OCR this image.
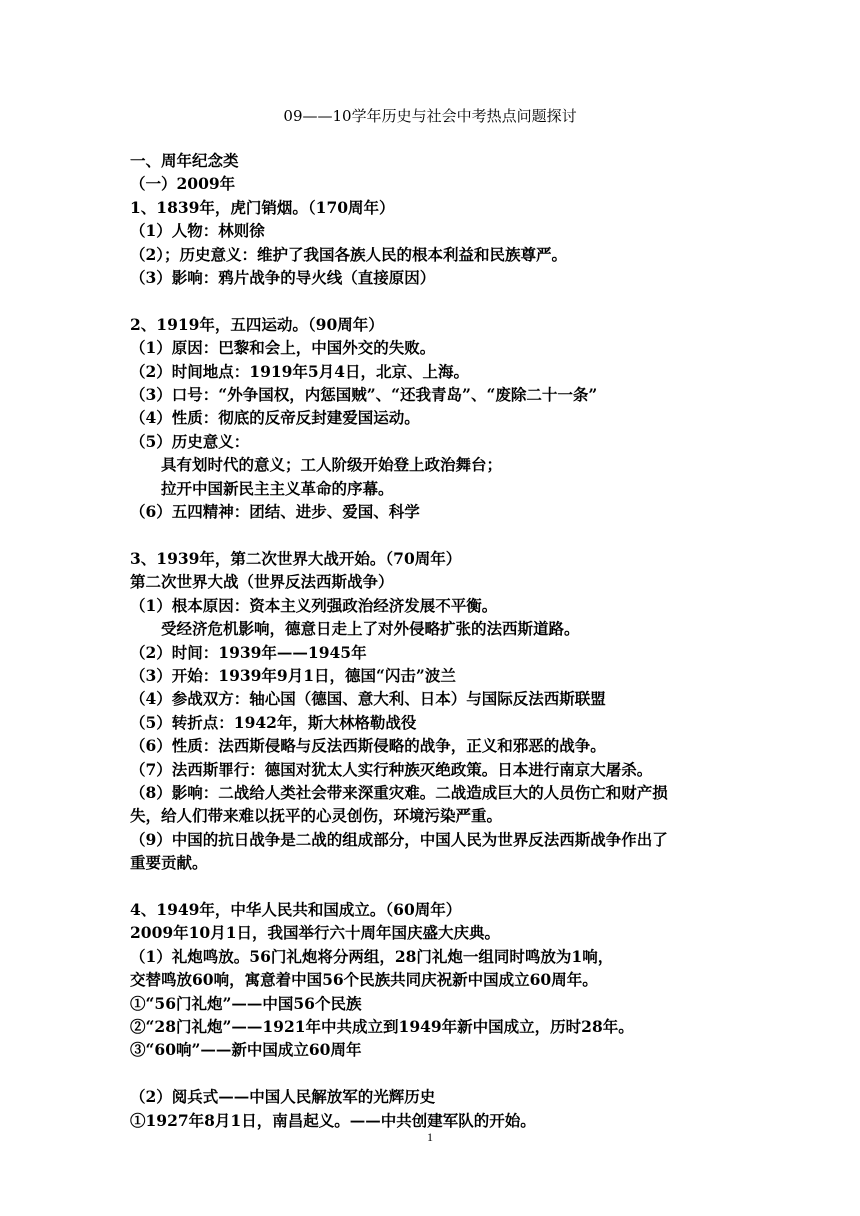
09——10学年历史与社会中考热点问题探讨
一、周年纪念类
（一）2009年
1、1839年，虎门销烟。（170周年）
（1）人物：林则徐
（2）；历史意义：维护了我国各族人民的根本利益和民族尊严。
（3）影响：鸦片战争的导火线（直接原因）
2、1919年，五四运动。（90周年）
（1）原因：巴黎和会上，中国外交的失败。
（2）时间地点：1919年5月4日，北京、上海。
（3）口号：“外争国权，内惩国贼”、“还我青岛”、“废除二十一条”
（4）性质：彻底的反帝反封建爱国运动。
（5）历史意义：
　　具有划时代的意义；工人阶级开始登上政治舞台；
　　拉开中国新民主主义革命的序幕。
（6）五四精神：团结、进步、爱国、科学
3、1939年，第二次世界大战开始。（70周年）
第二次世界大战（世界反法西斯战争）
（1）根本原因：资本主义列强政治经济发展不平衡。
　　受经济危机影响，德意日走上了对外侵略扩张的法西斯道路。
（2）时间：1939年——1945年
（3）开始：1939年9月1日，德国“闪击”波兰
（4）参战双方：轴心国（德国、意大利、日本）与国际反法西斯联盟
（5）转折点：1942年，斯大林格勒战役
（6）性质：法西斯侵略与反法西斯侵略的战争，正义和邪恶的战争。
（7）法西斯罪行：德国对犹太人实行种族灭绝政策。日本进行南京大屠杀。
（8）影响：二战给人类社会带来深重灾难。二战造成巨大的人员伤亡和财产损
失，给人们带来难以抚平的心灵创伤，环境污染严重。
（9）中国的抗日战争是二战的组成部分，中国人民为世界反法西斯战争作出了
重要贡献。
4、1949年，中华人民共和国成立。（60周年）
2009年10月1日，我国举行六十周年国庆盛大庆典。
（1）礼炮鸣放。56门礼炮将分两组，28门礼炮一组同时鸣放为1响，
交替鸣放60响，寓意着中国56个民族共同庆祝新中国成立60周年。
①“56门礼炮”——中国56个民族
②“28门礼炮”——1921年中共成立到1949年新中国成立，历时28年。
③“60响”——新中国成立60周年
（2）阅兵式——中国人民解放军的光辉历史
①1927年8月1日，南昌起义。——中共创建军队的开始。
1
